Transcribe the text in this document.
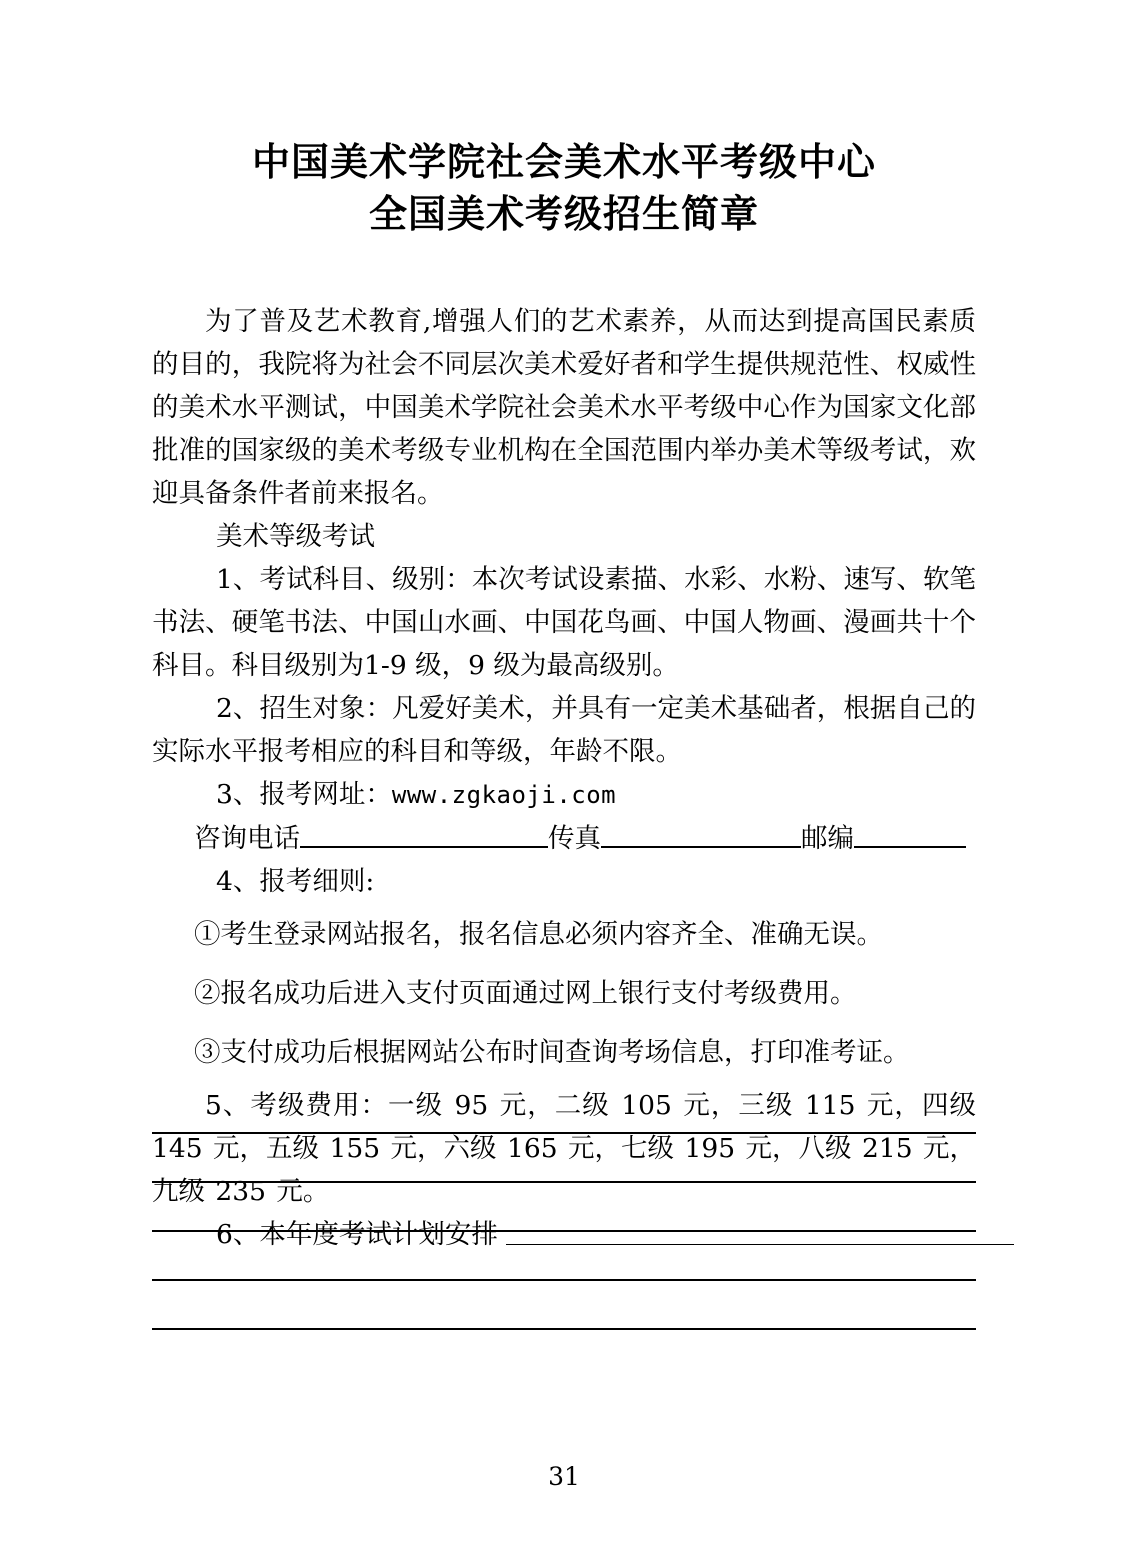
中国美术学院社会美术水平考级中心
全国美术考级招生简章

为了普及艺术教育,增强人们的艺术素养，从而达到提高国民素质的目的，我院将为社会不同层次美术爱好者和学生提供规范性、权威性的美术水平测试，中国美术学院社会美术水平考级中心作为国家文化部批准的国家级的美术考级专业机构在全国范围内举办美术等级考试，欢迎具备条件者前来报名。

美术等级考试

1、考试科目、级别：本次考试设素描、水彩、水粉、速写、软笔书法、硬笔书法、中国山水画、中国花鸟画、中国人物画、漫画共十个科目。科目级别为1-9 级，9 级为最高级别。

2、招生对象：凡爱好美术，并具有一定美术基础者，根据自己的实际水平报考相应的科目和等级，年龄不限。

3、报考网址：www.zgkaoji.com

咨询电话	传真	邮编

4、报考细则:

①考生登录网站报名，报名信息必须内容齐全、准确无误。

②报名成功后进入支付页面通过网上银行支付考级费用。

③支付成功后根据网站公布时间查询考场信息，打印准考证。

5、考级费用：一级 95 元，二级 105 元，三级 115 元，四级 145 元，五级 155 元，六级 165 元，七级 195 元，八级 215 元，九级 235 元。

6、本年度考试计划安排
31
